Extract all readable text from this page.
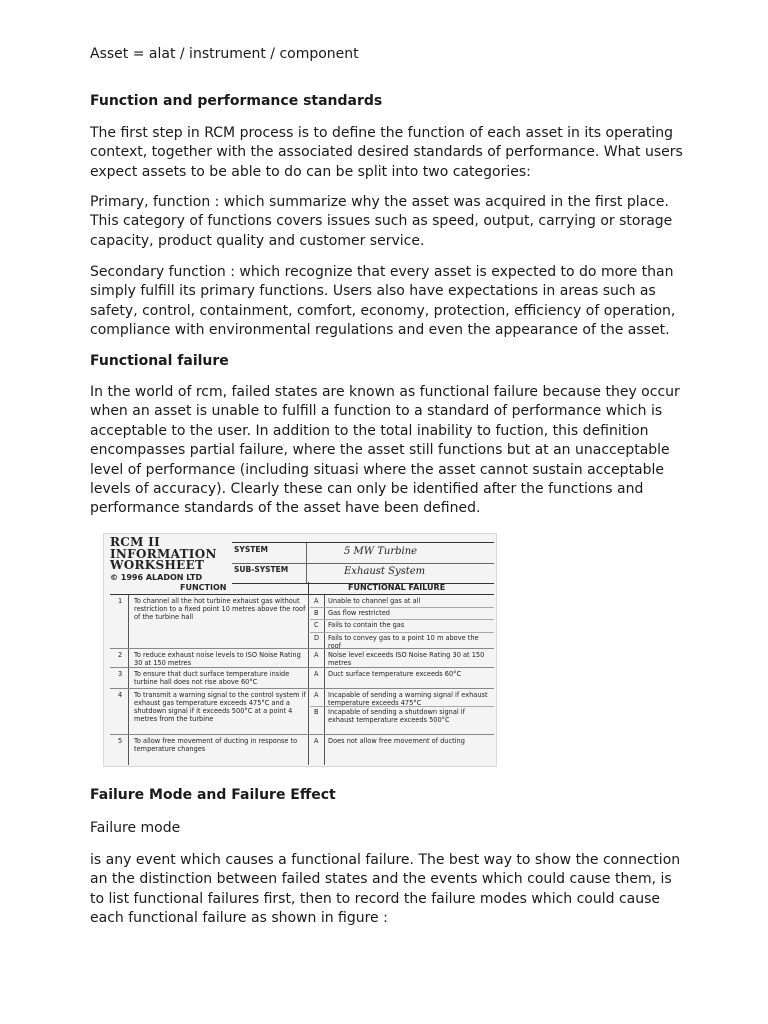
Asset = alat / instrument / component

Function and performance standards

The first step in RCM process is to define the function of each asset in its operating
context, together with the associated desired standards of performance. What users
expect assets to be able to do can be split into two categories:
Primary, function : which summarize why the asset was acquired in the first place.
This category of functions covers issues such as speed, output, carrying or storage
capacity, product quality and customer service.
Secondary function : which recognize that every asset is expected to do more than
simply fulfill its primary functions. Users also have expectations in areas such as
safety, control, containment, comfort, economy, protection, efficiency of operation,
compliance with environmental regulations and even the appearance of the asset.

Functional failure

In the world of rcm, failed states are known as functional failure because they occur
when an asset is unable to fulfill a function to a standard of performance which is
acceptable to the user. In addition to the total inability to fuction, this definition
encompasses partial failure, where the asset still functions but at an unacceptable
level of performance (including situasi where the asset cannot sustain acceptable
levels of accuracy). Clearly these can only be identified after the functions and
performance standards of the asset have been defined.

Failure Mode and Failure Effect

Failure mode

is any event which causes a functional failure. The best way to show the connection
an the distinction between failed states and the events which could cause them, is
to list functional failures first, then to record the failure modes which could cause
each functional failure as shown in figure :
RCM II
INFORMATION
WORKSHEET
© 1996 ALADON LTD
SYSTEM	5 MW Turbine
SUB-SYSTEM	Exhaust System
FUNCTION	FUNCTIONAL FAILURE
1 To channel all the hot turbine exhaust gas without restriction to a fixed point 10 metres above the roof of the turbine hall
A Unable to channel gas at all
B Gas flow restricted
C Fails to contain the gas
D Fails to convey gas to a point 10 m above the roof
2 To reduce exhaust noise levels to ISO Noise Rating 30 at 150 metres
A Noise level exceeds ISO Noise Rating 30 at 150 metres
3 To ensure that duct surface temperature inside turbine hall does not rise above 60°C
A Duct surface temperature exceeds 60°C
4 To transmit a warning signal to the control system if exhaust gas temperature exceeds 475°C and a shutdown signal if it exceeds 500°C at a point 4 metres from the turbine
A Incapable of sending a warning signal if exhaust temperature exceeds 475°C
B Incapable of sending a shutdown signal if exhaust temperature exceeds 500°C
5 To allow free movement of ducting in response to temperature changes
A Does not allow free movement of ducting
